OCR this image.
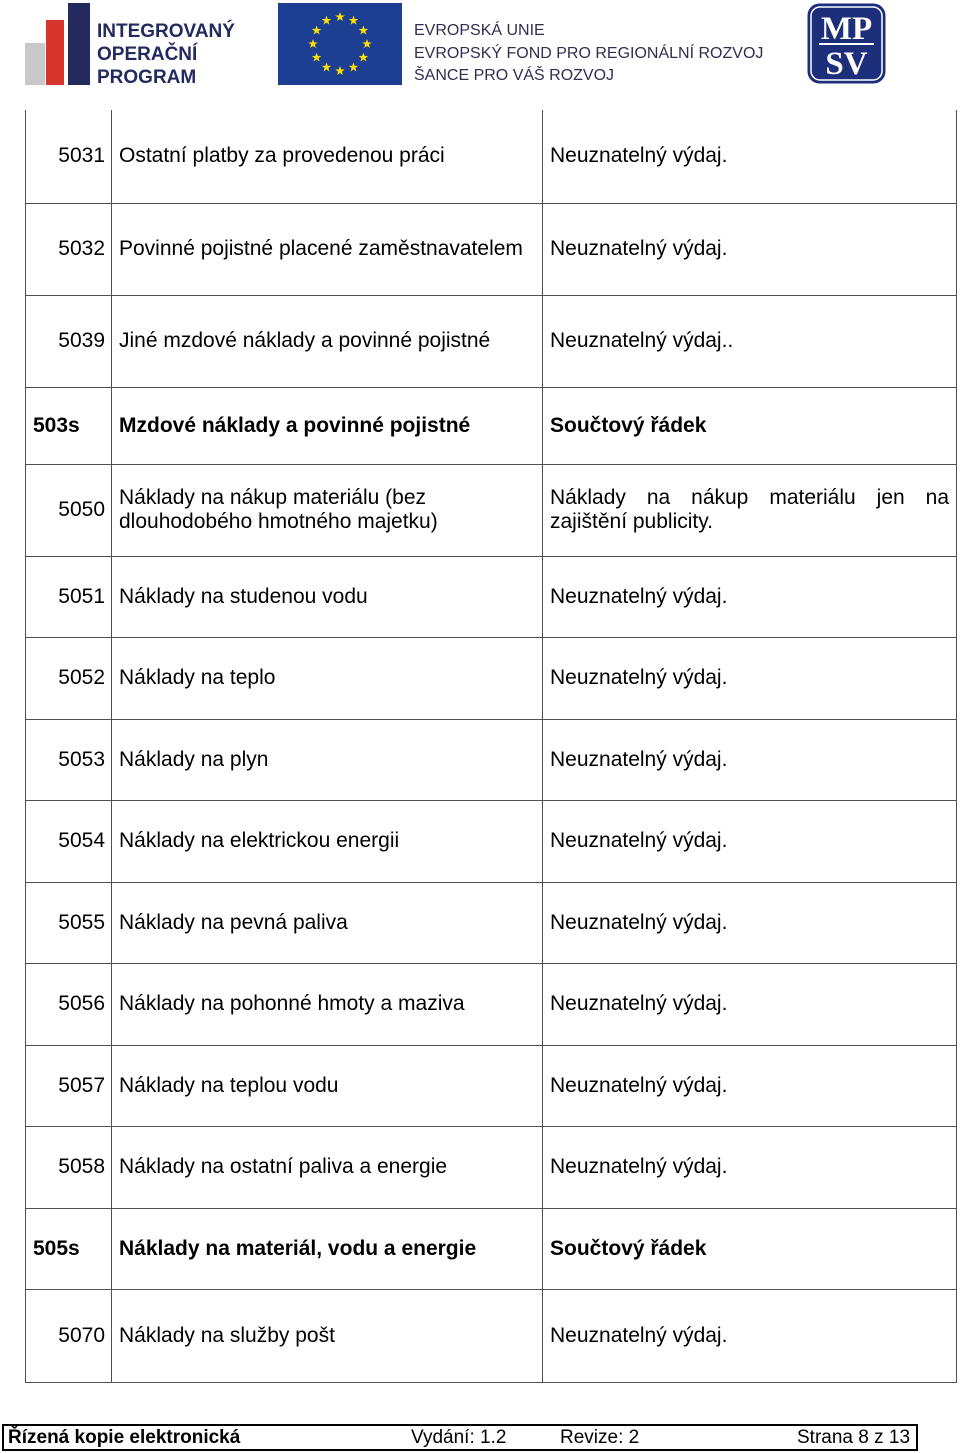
INTEGROVANÝ
OPERAČNÍ
PROGRAM
EVROPSKÁ UNIE
EVROPSKÝ FOND PRO REGIONÁLNÍ ROZVOJ
ŠANCE PRO VÁŠ ROZVOJ
MP
SV
5031	Ostatní platby za provedenou práci	Neuznatelný výdaj.
5032	Povinné pojistné placené zaměstnavatelem	Neuznatelný výdaj.
5039	Jiné mzdové náklady a povinné pojistné	Neuznatelný výdaj..
503s	Mzdové náklady a povinné pojistné	Součtový řádek
5050	Náklady na nákup materiálu (bez dlouhodobého hmotného majetku)	Náklady na nákup materiálu jen na zajištění publicity.
5051	Náklady na studenou vodu	Neuznatelný výdaj.
5052	Náklady na teplo	Neuznatelný výdaj.
5053	Náklady na plyn	Neuznatelný výdaj.
5054	Náklady na elektrickou energii	Neuznatelný výdaj.
5055	Náklady na pevná paliva	Neuznatelný výdaj.
5056	Náklady na pohonné hmoty a maziva	Neuznatelný výdaj.
5057	Náklady na teplou vodu	Neuznatelný výdaj.
5058	Náklady na ostatní paliva a energie	Neuznatelný výdaj.
505s	Náklady na materiál, vodu a energie	Součtový řádek
5070	Náklady na služby pošt	Neuznatelný výdaj.
Řízená kopie elektronická	Vydání: 1.2	Revize: 2	Strana 8 z 13
